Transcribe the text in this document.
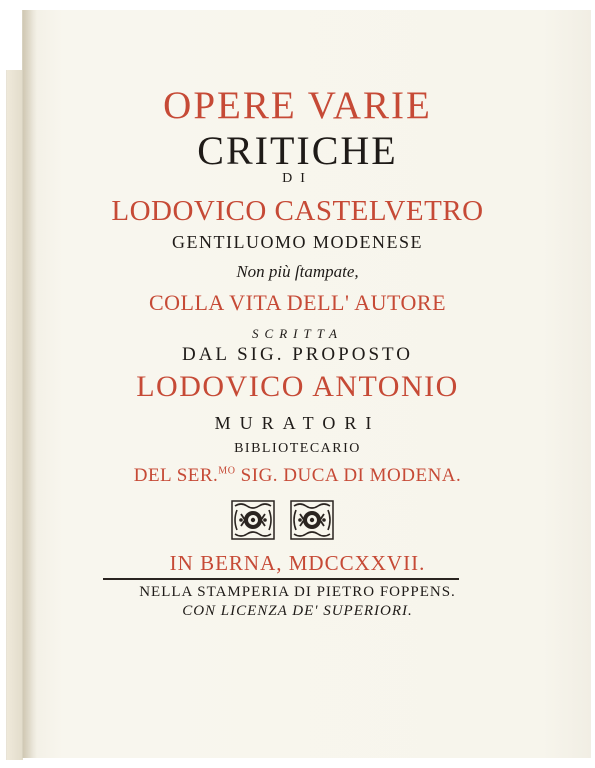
OPERE VARIE
CRITICHE
DI
LODOVICO CASTELVETRO
GENTILUOMO MODENESE
Non più ſtampate,
COLLA VITA DELL' AUTORE
SCRITTA
DAL SIG. PROPOSTO
LODOVICO ANTONIO
MURATORI
BIBLIOTECARIO
DEL SER.$^{MO}$ SIG. DUCA DI MODENA.
IN BERNA, MDCCXXVII.
NELLA STAMPERIA DI PIETRO FOPPENS.
CON LICENZA DE' SUPERIORI.
